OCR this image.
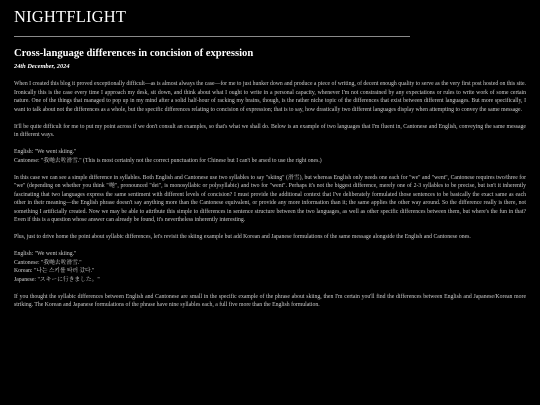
NIGHTFLIGHT
Cross-language differences in concision of expression
24th December, 2024

When I created this blog it proved exceptionally difficult—as is almost always the case—for me to just hunker down and produce a piece of writing, of decent enough quality to serve as the very first post hosted on this site. Ironically this is the case every time I approach my desk, sit down, and think about what I ought to write in a personal capacity, whenever I'm not constrained by any expectations or rules to write work of some certain nature. One of the things that managed to pop up in my mind after a solid half-hour of racking my brains, though, is the rather niche topic of the differences that exist between different languages. But more specifically, I want to talk about not the differences as a whole, but the specific differences relating to concision of expression; that is to say, how drastically two different languages display when attempting to convey the same message.

It'll be quite difficult for me to put my point across if we don't consult an examples, so that's what we shall do. Below is an example of two languages that I'm fluent in, Cantonese and English, conveying the same message in different ways.

English: "We went skiing."
Cantonese: "我哋去咗滑雪." (This is most certainly not the correct punctuation for Chinese but I can't be arsed to use the right ones.)

In this case we can see a simple difference in syllables. Both English and Cantonese use two syllables to say "skiing" (滑雪), but whereas English only needs one each for "we" and "went", Cantonese requires two/three for "we" (depending on whether you think "哋", pronounced "dei", is monosyllabic or polysyllabic) and two for "went". Perhaps it's not the biggest difference, merely one of 2-3 syllables to be precise, but isn't it inherently fascinating that two languages express the same sentiment with different levels of concision? I must provide the additional context that I've deliberately formulated those sentences to be basically the exact same as each other in their meaning—the English phrase doesn't say anything more than the Cantonese equivalent, or provide any more information than it; the same applies the other way around. So the difference really is there, not something I artificially created. Now we may be able to attribute this simple to differences in sentence structure between the two languages, as well as other specific differences between them, but where's the fun in that? Even if this is a question whose answer can already be found, it's nevertheless inherently interesting.

Plus, just to drive home the point about syllabic differences, let's revisit the skiing example but add Korean and Japanese formulations of the same message alongside the English and Cantonese ones.

English: "We went skiing."
Cantonese: "我哋去咗滑雪."
Korean: "나는 스키를 타러 갔다."
Japanese: "スキーに行きました。"

If you thought the syllabic differences between English and Cantonese are small in the specific example of the phrase about skiing, then I'm certain you'll find the differences between English and Japanese/Korean more striking. The Korean and Japanese formulations of the phrase have nine syllables each, a full five more than the English formulation.
